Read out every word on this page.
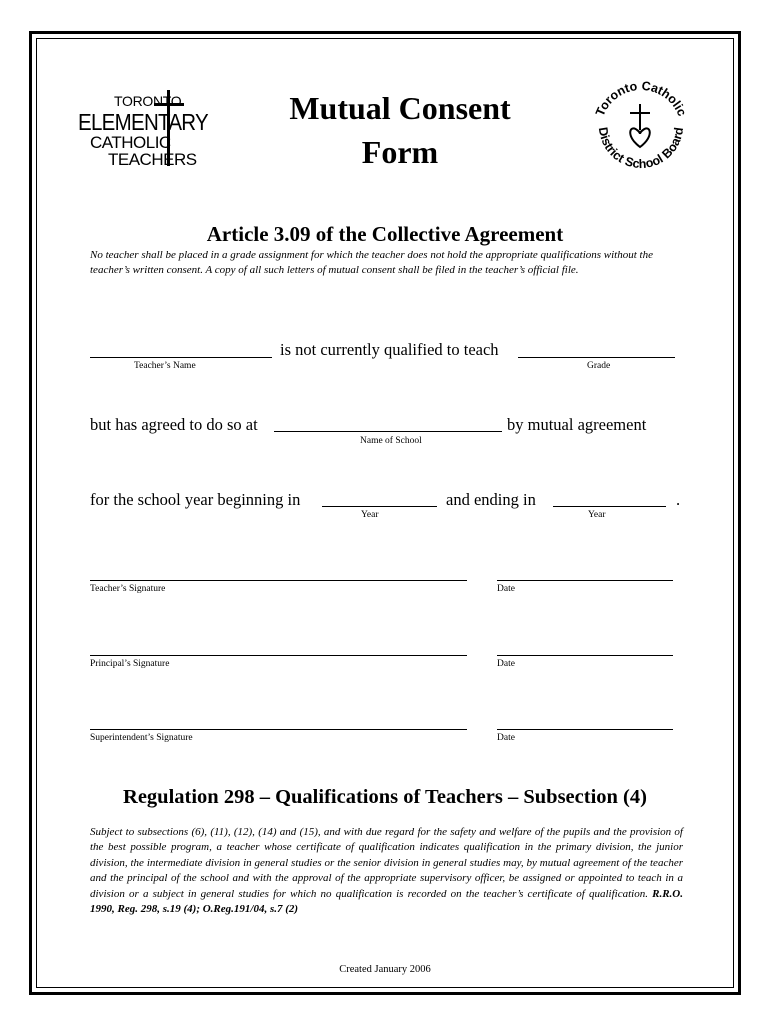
TORONTO
ELEMENTARY
CATHOLIC
TEACHERS
Mutual Consent
Form
Toronto Catholic
District School Board
Article 3.09 of the Collective Agreement
No teacher shall be placed in a grade assignment for which the teacher does not hold the appropriate qualifications without the teacher’s written consent. A copy of all such letters of mutual consent shall be filed in the teacher’s official file.
is not currently qualified to teach
Teacher’s Name	Grade
but has agreed to do so at	by mutual agreement
Name of School
for the school year beginning in	and ending in	.
Year	Year
Teacher’s Signature	Date
Principal’s Signature	Date
Superintendent’s Signature	Date
Regulation 298 – Qualifications of Teachers – Subsection (4)
Subject to subsections (6), (11), (12), (14) and (15), and with due regard for the safety and welfare of the pupils and the provision of the best possible program, a teacher whose certificate of qualification indicates qualification in the primary division, the junior division, the intermediate division in general studies or the senior division in general studies may, by mutual agreement of the teacher and the principal of the school and with the approval of the appropriate supervisory officer, be assigned or appointed to teach in a division or a subject in general studies for which no qualification is recorded on the teacher’s certificate of qualification. R.R.O. 1990, Reg. 298, s.19 (4); O.Reg.191/04, s.7 (2)
Created January 2006
